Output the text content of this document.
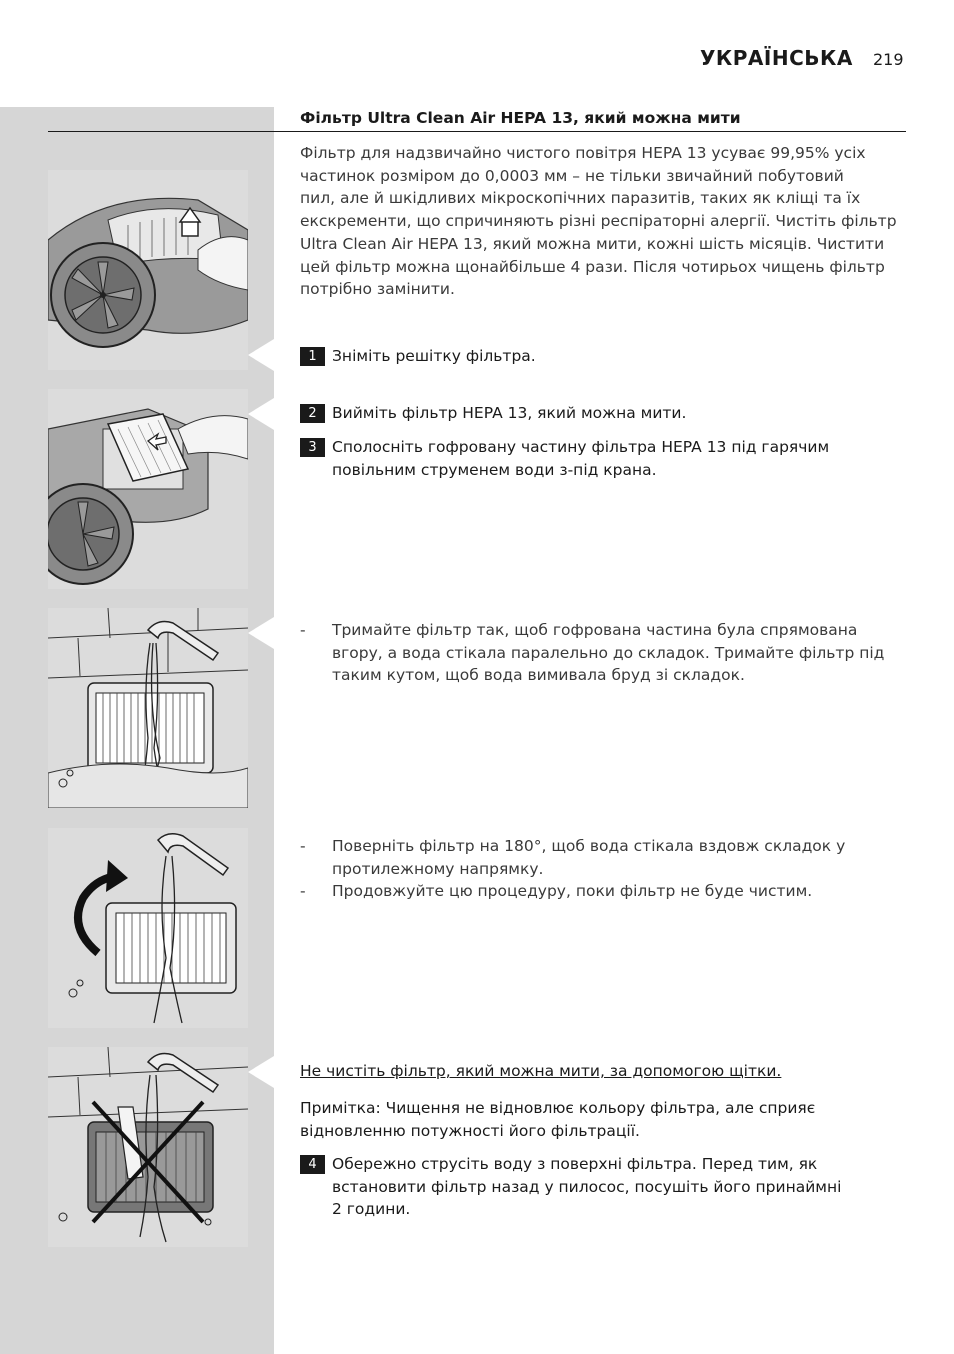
УКРАЇНСЬКА 219
Фільтр Ultra Clean Air HEPA 13, який можна мити
Фільтр для надзвичайно чистого повітря HEPA 13 усуває 99,95% усіх
частинок розміром до 0,0003 мм – не тільки звичайний побутовий
пил, але й шкідливих мікроскопічних паразитів, таких як кліщі та їх
екскременти, що спричиняють різні респіраторні алергії. Чистіть фільтр
Ultra Clean Air HEPA 13, який можна мити, кожні шість місяців. Чистити
цей фільтр можна щонайбільше 4 рази. Після чотирьох чищень фільтр
потрібно замінити.
1 Зніміть решітку фільтра.
2 Вийміть фільтр HEPA 13, який можна мити.
3 Сполосніть гофровану частину фільтра HEPA 13 під гарячим
повільним струменем води з-під крана.
-	Тримайте фільтр так, щоб гофрована частина була спрямована
вгору, а вода стікала паралельно до складок. Тримайте фільтр під
таким кутом, щоб вода вимивала бруд зі складок.
-	Поверніть фільтр на 180°, щоб вода стікала вздовж складок у
протилежному напрямку.
-	Продовжуйте цю процедуру, поки фільтр не буде чистим.
Не чистіть фільтр, який можна мити, за допомогою щітки.
Примітка: Чищення не відновлює кольору фільтра, але сприяє
відновленню потужності його фільтрації.
4 Обережно струсіть воду з поверхні фільтра. Перед тим, як
встановити фільтр назад у пилосос, посушіть його принаймні
2 години.
